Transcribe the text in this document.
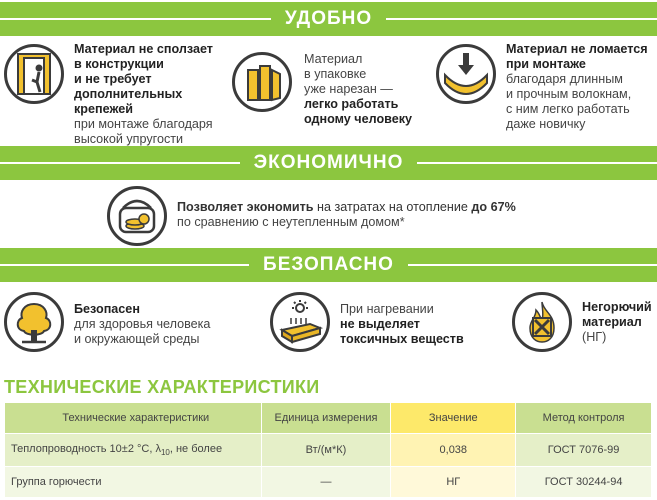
УДОБНО
Материал не сползает
в конструкции
и не требует
дополнительных
крепежей
при монтаже благодаря
высокой упругости
Материал
в упаковке
уже нарезан —
легко работать
одному человеку
Материал не ломается
при монтаже
благодаря длинным
и прочным волокнам,
с ним легко работать
даже новичку
ЭКОНОМИЧНО
Позволяет экономить на затратах на отопление до 67%
по сравнению с неутепленным домом*
БЕЗОПАСНО
Безопасен
для здоровья человека
и окружающей среды
При нагревании
не выделяет
токсичных веществ
Негорючий
материал
(НГ)
ТЕХНИЧЕСКИЕ ХАРАКТЕРИСТИКИ
Технические характеристики	Единица измерения	Значение	Метод контроля
Теплопроводность 10±2 °С, $\lambda_{10}$, не более	Вт/(м*К)	0,038	ГОСТ 7076-99
Группа горючести	—	НГ	ГОСТ 30244-94
